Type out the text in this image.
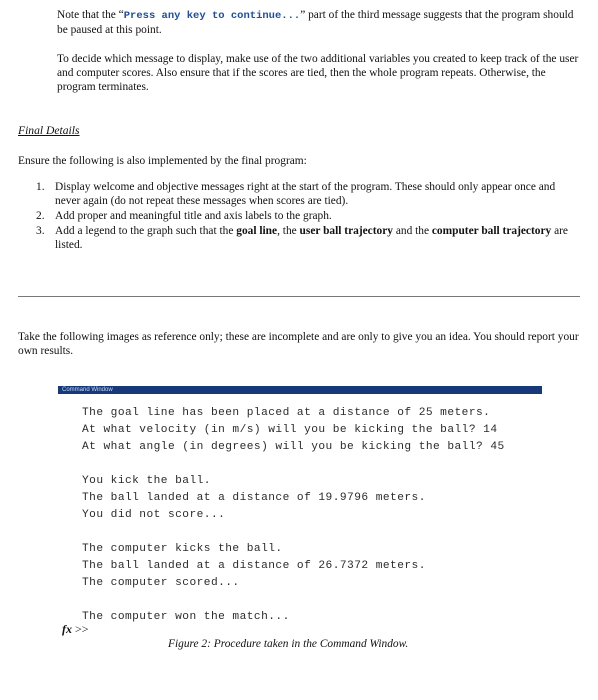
Note that the “Press any key to continue...” part of the third message suggests that the program should be paused at this point.

To decide which message to display, make use of the two additional variables you created to keep track of the user and computer scores. Also ensure that if the scores are tied, then the whole program repeats. Otherwise, the program terminates.

Final Details

Ensure the following is also implemented by the final program:

1. Display welcome and objective messages right at the start of the program. These should only appear once and never again (do not repeat these messages when scores are tied).
2. Add proper and meaningful title and axis labels to the graph.
3. Add a legend to the graph such that the goal line, the user ball trajectory and the computer ball trajectory are listed.

Take the following images as reference only; these are incomplete and are only to give you an idea. You should report your own results.

Command Window
The goal line has been placed at a distance of 25 meters.
At what velocity (in m/s) will you be kicking the ball? 14
At what angle (in degrees) will you be kicking the ball? 45
You kick the ball.
The ball landed at a distance of 19.9796 meters.
You did not score...
The computer kicks the ball.
The ball landed at a distance of 26.7372 meters.
The computer scored...
The computer won the match...
fx >>
Figure 2: Procedure taken in the Command Window.
